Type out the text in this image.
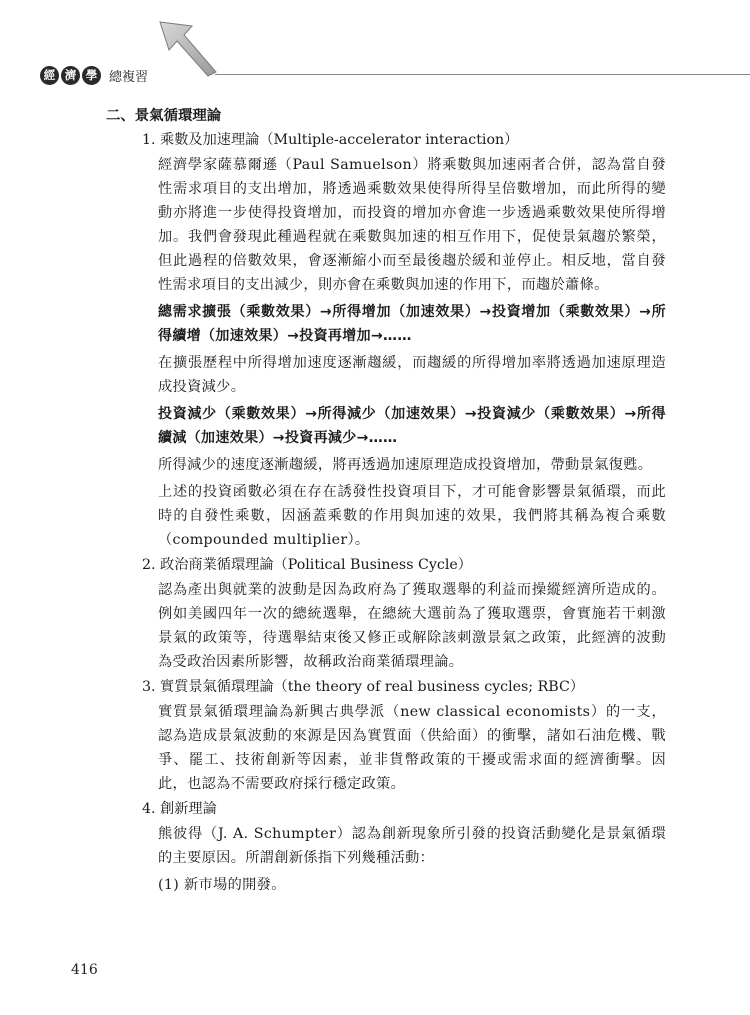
經 濟 學 總複習
二、景氣循環理論
1. 乘數及加速理論（Multiple-accelerator interaction）
經濟學家薩慕爾遜（Paul Samuelson）將乘數與加速兩者合併，認為當自發性需求項目的支出增加，將透過乘數效果使得所得呈倍數增加，而此所得的變動亦將進一步使得投資增加，而投資的增加亦會進一步透過乘數效果使所得增加。我們會發現此種過程就在乘數與加速的相互作用下，促使景氣趨於繁榮，但此過程的倍數效果，會逐漸縮小而至最後趨於緩和並停止。相反地，當自發性需求項目的支出減少，則亦會在乘數與加速的作用下，而趨於蕭條。
總需求擴張（乘數效果）→所得增加（加速效果）→投資增加（乘數效果）→所得續增（加速效果）→投資再增加→……
在擴張歷程中所得增加速度逐漸趨緩，而趨緩的所得增加率將透過加速原理造成投資減少。
投資減少（乘數效果）→所得減少（加速效果）→投資減少（乘數效果）→所得續減（加速效果）→投資再減少→……
所得減少的速度逐漸趨緩，將再透過加速原理造成投資增加，帶動景氣復甦。
上述的投資函數必須在存在誘發性投資項目下，才可能會影響景氣循環，而此時的自發性乘數，因涵蓋乘數的作用與加速的效果，我們將其稱為複合乘數（compounded multiplier）。
2. 政治商業循環理論（Political Business Cycle）
認為產出與就業的波動是因為政府為了獲取選舉的利益而操縱經濟所造成的。例如美國四年一次的總統選舉，在總統大選前為了獲取選票，會實施若干刺激景氣的政策等，待選舉結束後又修正或解除該刺激景氣之政策，此經濟的波動為受政治因素所影響，故稱政治商業循環理論。
3. 實質景氣循環理論（the theory of real business cycles; RBC）
實質景氣循環理論為新興古典學派（new classical economists）的一支，認為造成景氣波動的來源是因為實質面（供給面）的衝擊，諸如石油危機、戰爭、罷工、技術創新等因素，並非貨幣政策的干擾或需求面的經濟衝擊。因此，也認為不需要政府採行穩定政策。
4. 創新理論
熊彼得（J. A. Schumpter）認為創新現象所引發的投資活動變化是景氣循環的主要原因。所謂創新係指下列幾種活動：
(1) 新市場的開發。
416
